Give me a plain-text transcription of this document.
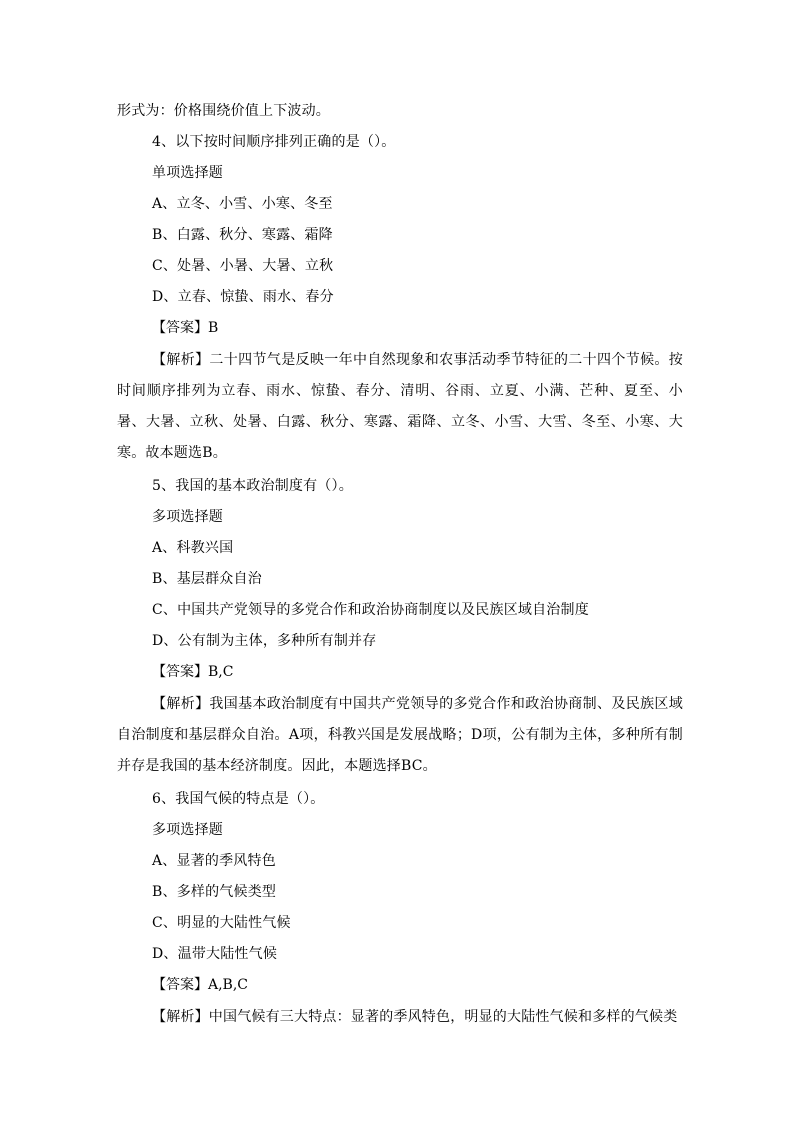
形式为：价格围绕价值上下波动。
4、以下按时间顺序排列正确的是（）。
单项选择题
A、立冬、小雪、小寒、冬至
B、白露、秋分、寒露、霜降
C、处暑、小暑、大暑、立秋
D、立春、惊蛰、雨水、春分
【答案】B
【解析】二十四节气是反映一年中自然现象和农事活动季节特征的二十四个节候。按时间顺序排列为立春、雨水、惊蛰、春分、清明、谷雨、立夏、小满、芒种、夏至、小暑、大暑、立秋、处暑、白露、秋分、寒露、霜降、立冬、小雪、大雪、冬至、小寒、大寒。故本题选B。
5、我国的基本政治制度有（）。
多项选择题
A、科教兴国
B、基层群众自治
C、中国共产党领导的多党合作和政治协商制度以及民族区域自治制度
D、公有制为主体，多种所有制并存
【答案】B,C
【解析】我国基本政治制度有中国共产党领导的多党合作和政治协商制、及民族区域自治制度和基层群众自治。A项，科教兴国是发展战略；D项，公有制为主体，多种所有制并存是我国的基本经济制度。因此，本题选择BC。
6、我国气候的特点是（）。
多项选择题
A、显著的季风特色
B、多样的气候类型
C、明显的大陆性气候
D、温带大陆性气候
【答案】A,B,C
【解析】中国气候有三大特点：显著的季风特色，明显的大陆性气候和多样的气候类
